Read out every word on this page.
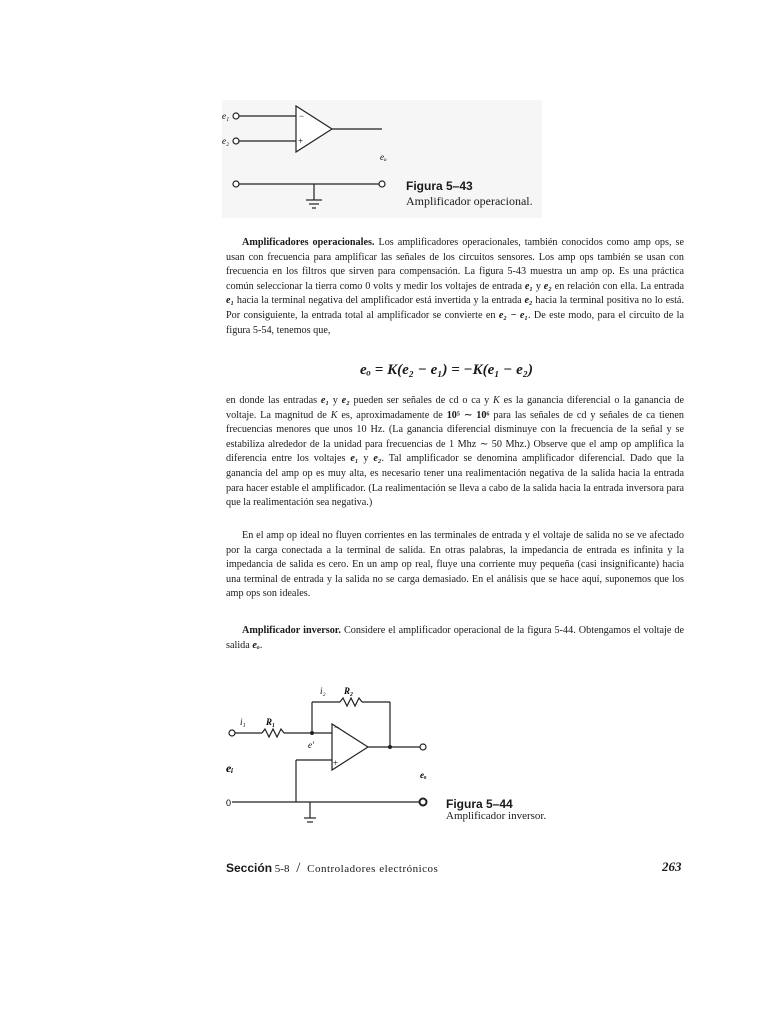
e₁
e₂
−
+
eₒ
Figura 5–43
Amplificador operacional.

Amplificadores operacionales. Los amplificadores operacionales, también conocidos como amp ops, se usan con frecuencia para amplificar las señales de los circuitos sensores. Los amp ops también se usan con frecuencia en los filtros que sirven para compensación. La figura 5-43 muestra un amp op. Es una práctica común seleccionar la tierra como 0 volts y medir los voltajes de entrada e₁ y e₂ en relación con ella. La entrada e₁ hacia la terminal negativa del amplificador está invertida y la entrada e₂ hacia la terminal positiva no lo está. Por consiguiente, la entrada total al amplificador se convierte en e₂ − e₁. De este modo, para el circuito de la figura 5-54, tenemos que,

eₒ = K(e₂ − e₁) = −K(e₁ − e₂)

en donde las entradas e₁ y e₂ pueden ser señales de cd o ca y K es la ganancia diferencial o la ganancia de voltaje. La magnitud de K es, aproximadamente de 10⁵ ∼ 10⁶ para las señales de cd y señales de ca tienen frecuencias menores que unos 10 Hz. (La ganancia diferencial disminuye con la frecuencia de la señal y se estabiliza alrededor de la unidad para frecuencias de 1 Mhz ∼ 50 Mhz.) Observe que el amp op amplifica la diferencia entre los voltajes e₁ y e₂. Tal amplificador se denomina amplificador diferencial. Dado que la ganancia del amp op es muy alta, es necesario tener una realimentación negativa de la salida hacia la entrada para hacer estable el amplificador. (La realimentación se lleva a cabo de la salida hacia la entrada inversora para que la realimentación sea negativa.)

En el amp op ideal no fluyen corrientes en las terminales de entrada y el voltaje de salida no se ve afectado por la carga conectada a la terminal de salida. En otras palabras, la impedancia de entrada es infinita y la impedancia de salida es cero. En un amp op real, fluye una corriente muy pequeña (casi insignificante) hacia una terminal de entrada y la salida no se carga demasiado. En el análisis que se hace aquí, suponemos que los amp ops son ideales.

Amplificador inversor. Considere el amplificador operacional de la figura 5-44. Obtengamos el voltaje de salida eₒ.

−
+
i₂ R₂
i₁ R₁
e′
eᵢ	eₒ
0	Figura 5–44
Amplificador inversor.
Sección 5-8 / Controladores electrónicos	263
